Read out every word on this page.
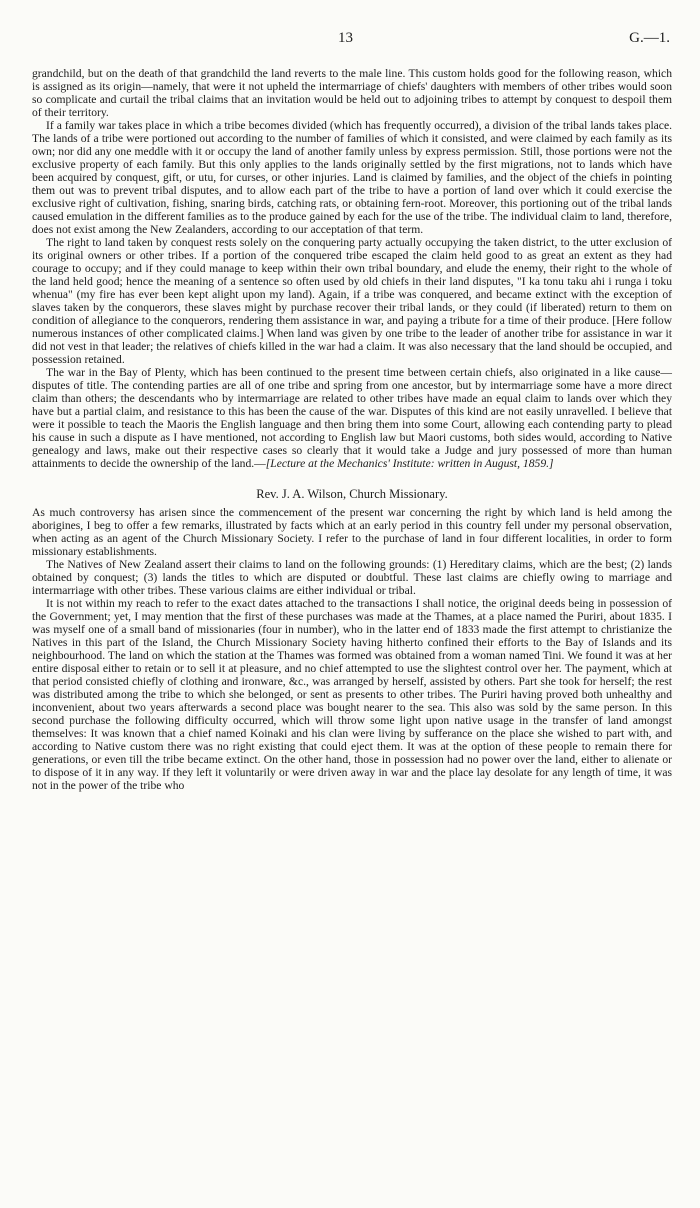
13	G.—1.

grandchild, but on the death of that grandchild the land reverts to the male line. This custom holds good for the following reason, which is assigned as its origin—namely, that were it not upheld the intermarriage of chiefs' daughters with members of other tribes would soon so complicate and curtail the tribal claims that an invitation would be held out to adjoining tribes to attempt by conquest to despoil them of their territory.

If a family war takes place in which a tribe becomes divided (which has frequently occurred), a division of the tribal lands takes place. The lands of a tribe were portioned out according to the number of families of which it consisted, and were claimed by each family as its own; nor did any one meddle with it or occupy the land of another family unless by express permission. Still, those portions were not the exclusive property of each family. But this only applies to the lands originally settled by the first migrations, not to lands which have been acquired by conquest, gift, or utu, for curses, or other injuries. Land is claimed by families, and the object of the chiefs in pointing them out was to prevent tribal disputes, and to allow each part of the tribe to have a portion of land over which it could exercise the exclusive right of cultivation, fishing, snaring birds, catching rats, or obtaining fern-root. Moreover, this portioning out of the tribal lands caused emulation in the different families as to the produce gained by each for the use of the tribe. The individual claim to land, therefore, does not exist among the New Zealanders, according to our acceptation of that term.

The right to land taken by conquest rests solely on the conquering party actually occupying the taken district, to the utter exclusion of its original owners or other tribes. If a portion of the conquered tribe escaped the claim held good to as great an extent as they had courage to occupy; and if they could manage to keep within their own tribal boundary, and elude the enemy, their right to the whole of the land held good; hence the meaning of a sentence so often used by old chiefs in their land disputes, "I ka tonu taku ahi i runga i toku whenua" (my fire has ever been kept alight upon my land). Again, if a tribe was conquered, and became extinct with the exception of slaves taken by the conquerors, these slaves might by purchase recover their tribal lands, or they could (if liberated) return to them on condition of allegiance to the conquerors, rendering them assistance in war, and paying a tribute for a time of their produce. [Here follow numerous instances of other complicated claims.] When land was given by one tribe to the leader of another tribe for assistance in war it did not vest in that leader; the relatives of chiefs killed in the war had a claim. It was also necessary that the land should be occupied, and possession retained.

The war in the Bay of Plenty, which has been continued to the present time between certain chiefs, also originated in a like cause—disputes of title. The contending parties are all of one tribe and spring from one ancestor, but by intermarriage some have a more direct claim than others; the descendants who by intermarriage are related to other tribes have made an equal claim to lands over which they have but a partial claim, and resistance to this has been the cause of the war. Disputes of this kind are not easily unravelled. I believe that were it possible to teach the Maoris the English language and then bring them into some Court, allowing each contending party to plead his cause in such a dispute as I have mentioned, not according to English law but Maori customs, both sides would, according to Native genealogy and laws, make out their respective cases so clearly that it would take a Judge and jury possessed of more than human attainments to decide the ownership of the land.—[Lecture at the Mechanics' Institute: written in August, 1859.]

Rev. J. A. Wilson, Church Missionary.

As much controversy has arisen since the commencement of the present war concerning the right by which land is held among the aborigines, I beg to offer a few remarks, illustrated by facts which at an early period in this country fell under my personal observation, when acting as an agent of the Church Missionary Society. I refer to the purchase of land in four different localities, in order to form missionary establishments.

The Natives of New Zealand assert their claims to land on the following grounds: (1) Hereditary claims, which are the best; (2) lands obtained by conquest; (3) lands the titles to which are disputed or doubtful. These last claims are chiefly owing to marriage and intermarriage with other tribes. These various claims are either individual or tribal.

It is not within my reach to refer to the exact dates attached to the transactions I shall notice, the original deeds being in possession of the Government; yet, I may mention that the first of these purchases was made at the Thames, at a place named the Puriri, about 1835. I was myself one of a small band of missionaries (four in number), who in the latter end of 1833 made the first attempt to christianize the Natives in this part of the Island, the Church Missionary Society having hitherto confined their efforts to the Bay of Islands and its neighbourhood. The land on which the station at the Thames was formed was obtained from a woman named Tini. We found it was at her entire disposal either to retain or to sell it at pleasure, and no chief attempted to use the slightest control over her. The payment, which at that period consisted chiefly of clothing and ironware, &c., was arranged by herself, assisted by others. Part she took for herself; the rest was distributed among the tribe to which she belonged, or sent as presents to other tribes. The Puriri having proved both unhealthy and inconvenient, about two years afterwards a second place was bought nearer to the sea. This also was sold by the same person. In this second purchase the following difficulty occurred, which will throw some light upon native usage in the transfer of land amongst themselves: It was known that a chief named Koinaki and his clan were living by sufferance on the place she wished to part with, and according to Native custom there was no right existing that could eject them. It was at the option of these people to remain there for generations, or even till the tribe became extinct. On the other hand, those in possession had no power over the land, either to alienate or to dispose of it in any way. If they left it voluntarily or were driven away in war and the place lay desolate for any length of time, it was not in the power of the tribe who
